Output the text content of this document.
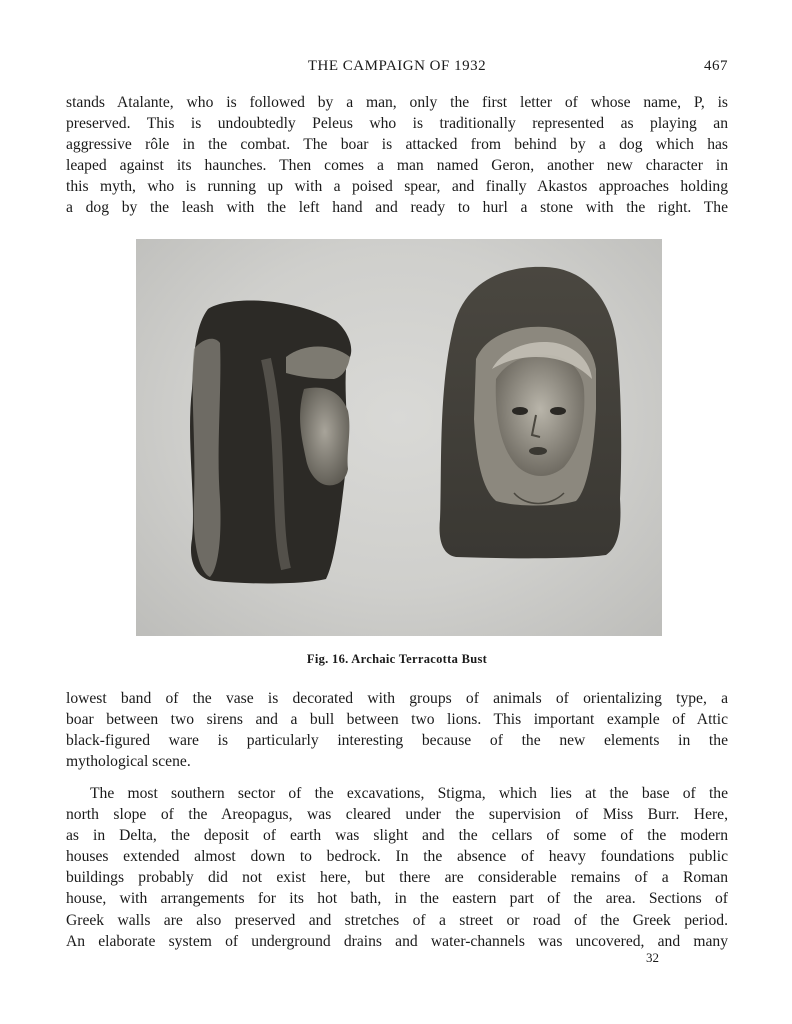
THE CAMPAIGN OF 1932	467
stands Atalante, who is followed by a man, only the first letter of whose name, P, is
preserved. This is undoubtedly Peleus who is traditionally represented as playing an
aggressive rôle in the combat. The boar is attacked from behind by a dog which has
leaped against its haunches. Then comes a man named Geron, another new character in
this myth, who is running up with a poised spear, and finally Akastos approaches holding
a dog by the leash with the left hand and ready to hurl a stone with the right. The
Fig. 16. Archaic Terracotta Bust
lowest band of the vase is decorated with groups of animals of orientalizing type, a
boar between two sirens and a bull between two lions. This important example of Attic
black-figured ware is particularly interesting because of the new elements in the
mythological scene.
The most southern sector of the excavations, Stigma, which lies at the base of the
north slope of the Areopagus, was cleared under the supervision of Miss Burr. Here,
as in Delta, the deposit of earth was slight and the cellars of some of the modern
houses extended almost down to bedrock. In the absence of heavy foundations public
buildings probably did not exist here, but there are considerable remains of a Roman
house, with arrangements for its hot bath, in the eastern part of the area. Sections of
Greek walls are also preserved and stretches of a street or road of the Greek period.
An elaborate system of underground drains and water-channels was uncovered, and many
32
